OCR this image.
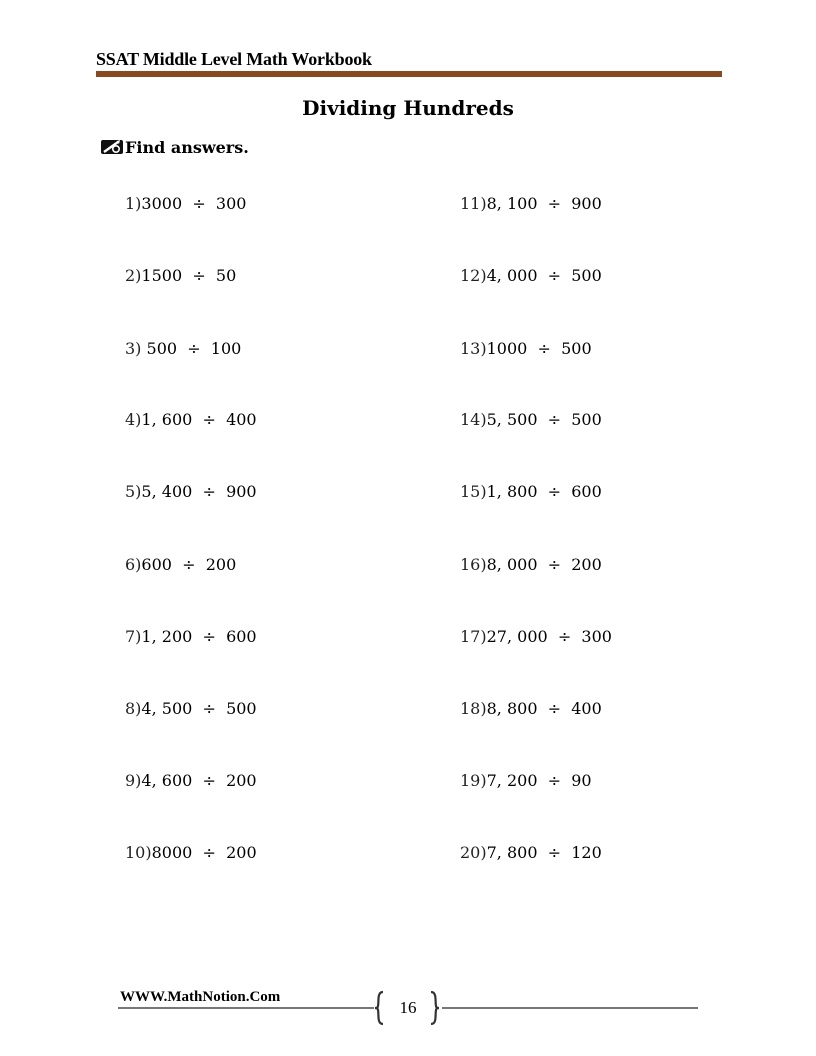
SSAT Middle Level Math Workbook
Dividing Hundreds
Find answers.
1)3000  ÷  300
2)1500  ÷  50
3) 500  ÷  100
4)1, 600  ÷  400
5)5, 400  ÷  900
6)600  ÷  200
7)1, 200  ÷  600
8)4, 500  ÷  500
9)4, 600  ÷  200
10)8000  ÷  200
11)8, 100  ÷  900
12)4, 000  ÷  500
13)1000  ÷  500
14)5, 500  ÷  500
15)1, 800  ÷  600
16)8, 000  ÷  200
17)27, 000  ÷  300
18)8, 800  ÷  400
19)7, 200  ÷  90
20)7, 800  ÷  120
WWW.MathNotion.Com
16
